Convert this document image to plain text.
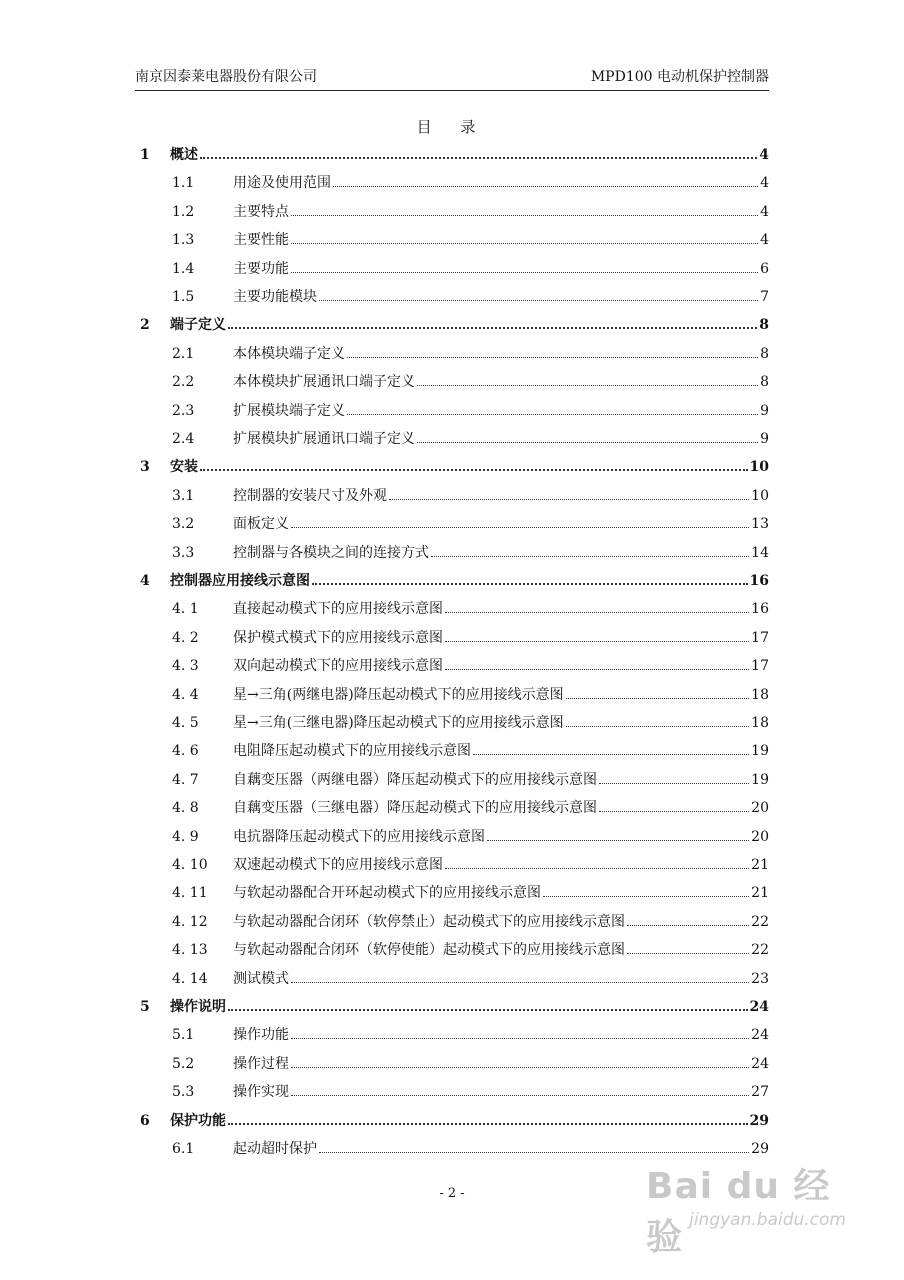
南京因泰莱电器股份有限公司	MPD100 电动机保护控制器
目 录
1 概述	4
1.1	用途及使用范围	4
1.2	主要特点	4
1.3	主要性能	4
1.4	主要功能	6
1.5	主要功能模块	7
2 端子定义	8
2.1	本体模块端子定义	8
2.2	本体模块扩展通讯口端子定义	8
2.3	扩展模块端子定义	9
2.4	扩展模块扩展通讯口端子定义	9
3 安装	10
3.1	控制器的安装尺寸及外观	10
3.2	面板定义	13
3.3	控制器与各模块之间的连接方式	14
4 控制器应用接线示意图	16
4. 1 直接起动模式下的应用接线示意图	16
4. 2 保护模式模式下的应用接线示意图	17
4. 3 双向起动模式下的应用接线示意图	17
4. 4 星→三角(两继电器)降压起动模式下的应用接线示意图	18
4. 5 星→三角(三继电器)降压起动模式下的应用接线示意图	18
4. 6 电阻降压起动模式下的应用接线示意图	19
4. 7 自藕变压器（两继电器）降压起动模式下的应用接线示意图	19
4. 8 自藕变压器（三继电器）降压起动模式下的应用接线示意图	20
4. 9 电抗器降压起动模式下的应用接线示意图	20
4. 10 双速起动模式下的应用接线示意图	21
4. 11 与软起动器配合开环起动模式下的应用接线示意图	21
4. 12 与软起动器配合闭环（软停禁止）起动模式下的应用接线示意图	22
4. 13 与软起动器配合闭环（软停使能）起动模式下的应用接线示意图	22
4. 14 测试模式	23
5 操作说明	24
5.1	操作功能	24
5.2	操作过程	24
5.3	操作实现	27
6 保护功能	29
6.1	起动超时保护	29
- 2 -	Bai du 经验 jingyan.baidu.com
